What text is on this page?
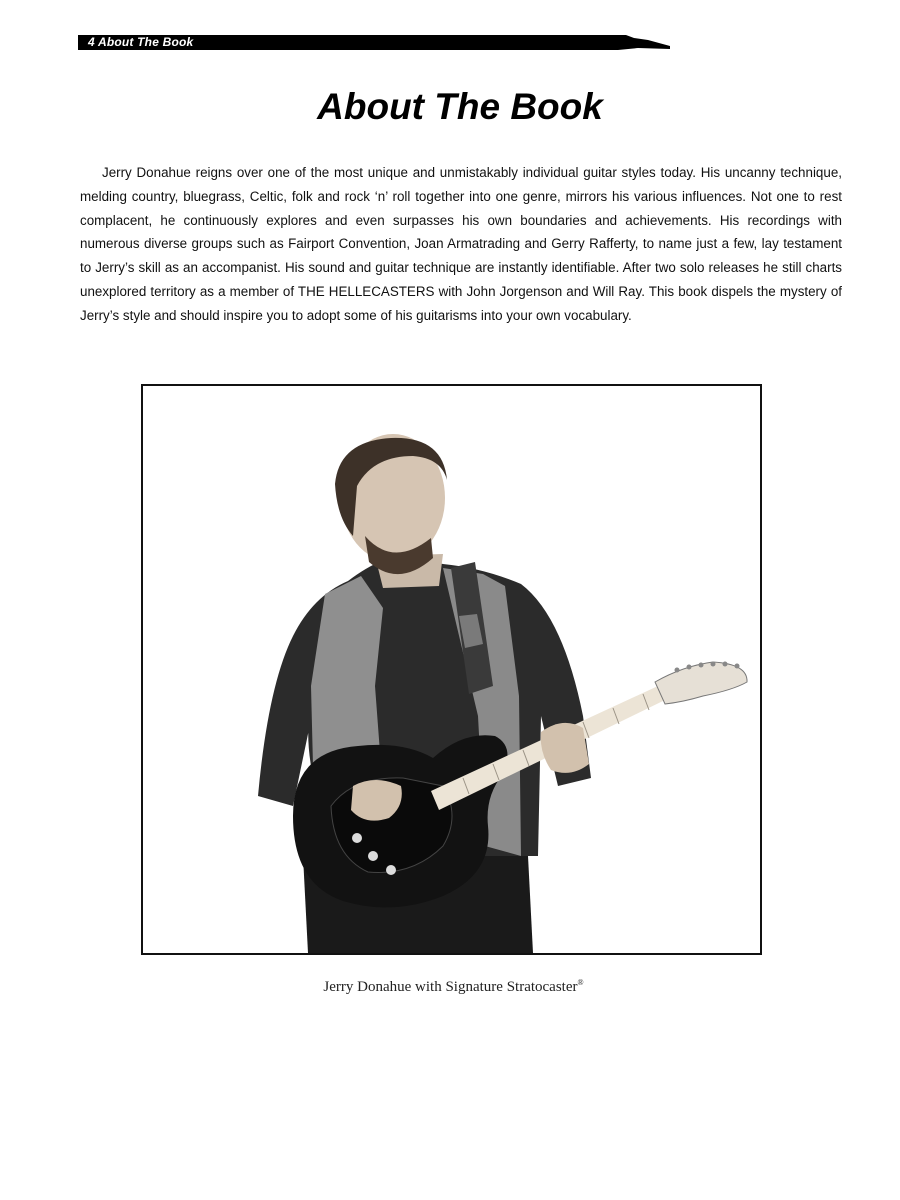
4 About The Book
About The Book

Jerry Donahue reigns over one of the most unique and unmistakably individual guitar styles today. His uncanny technique, melding country, bluegrass, Celtic, folk and rock ‘n’ roll together into one genre, mirrors his various influences. Not one to rest complacent, he continuously explores and even surpasses his own boundaries and achievements. His recordings with numerous diverse groups such as Fairport Convention, Joan Armatrading and Gerry Rafferty, to name just a few, lay testament to Jerry’s skill as an accompanist. His sound and guitar technique are instantly identifiable. After two solo releases he still charts unexplored territory as a member of THE HELLECASTERS with John Jorgenson and Will Ray. This book dispels the mystery of Jerry’s style and should inspire you to adopt some of his guitarisms into your own vocabulary.

Jerry Donahue with Signature Stratocaster®
